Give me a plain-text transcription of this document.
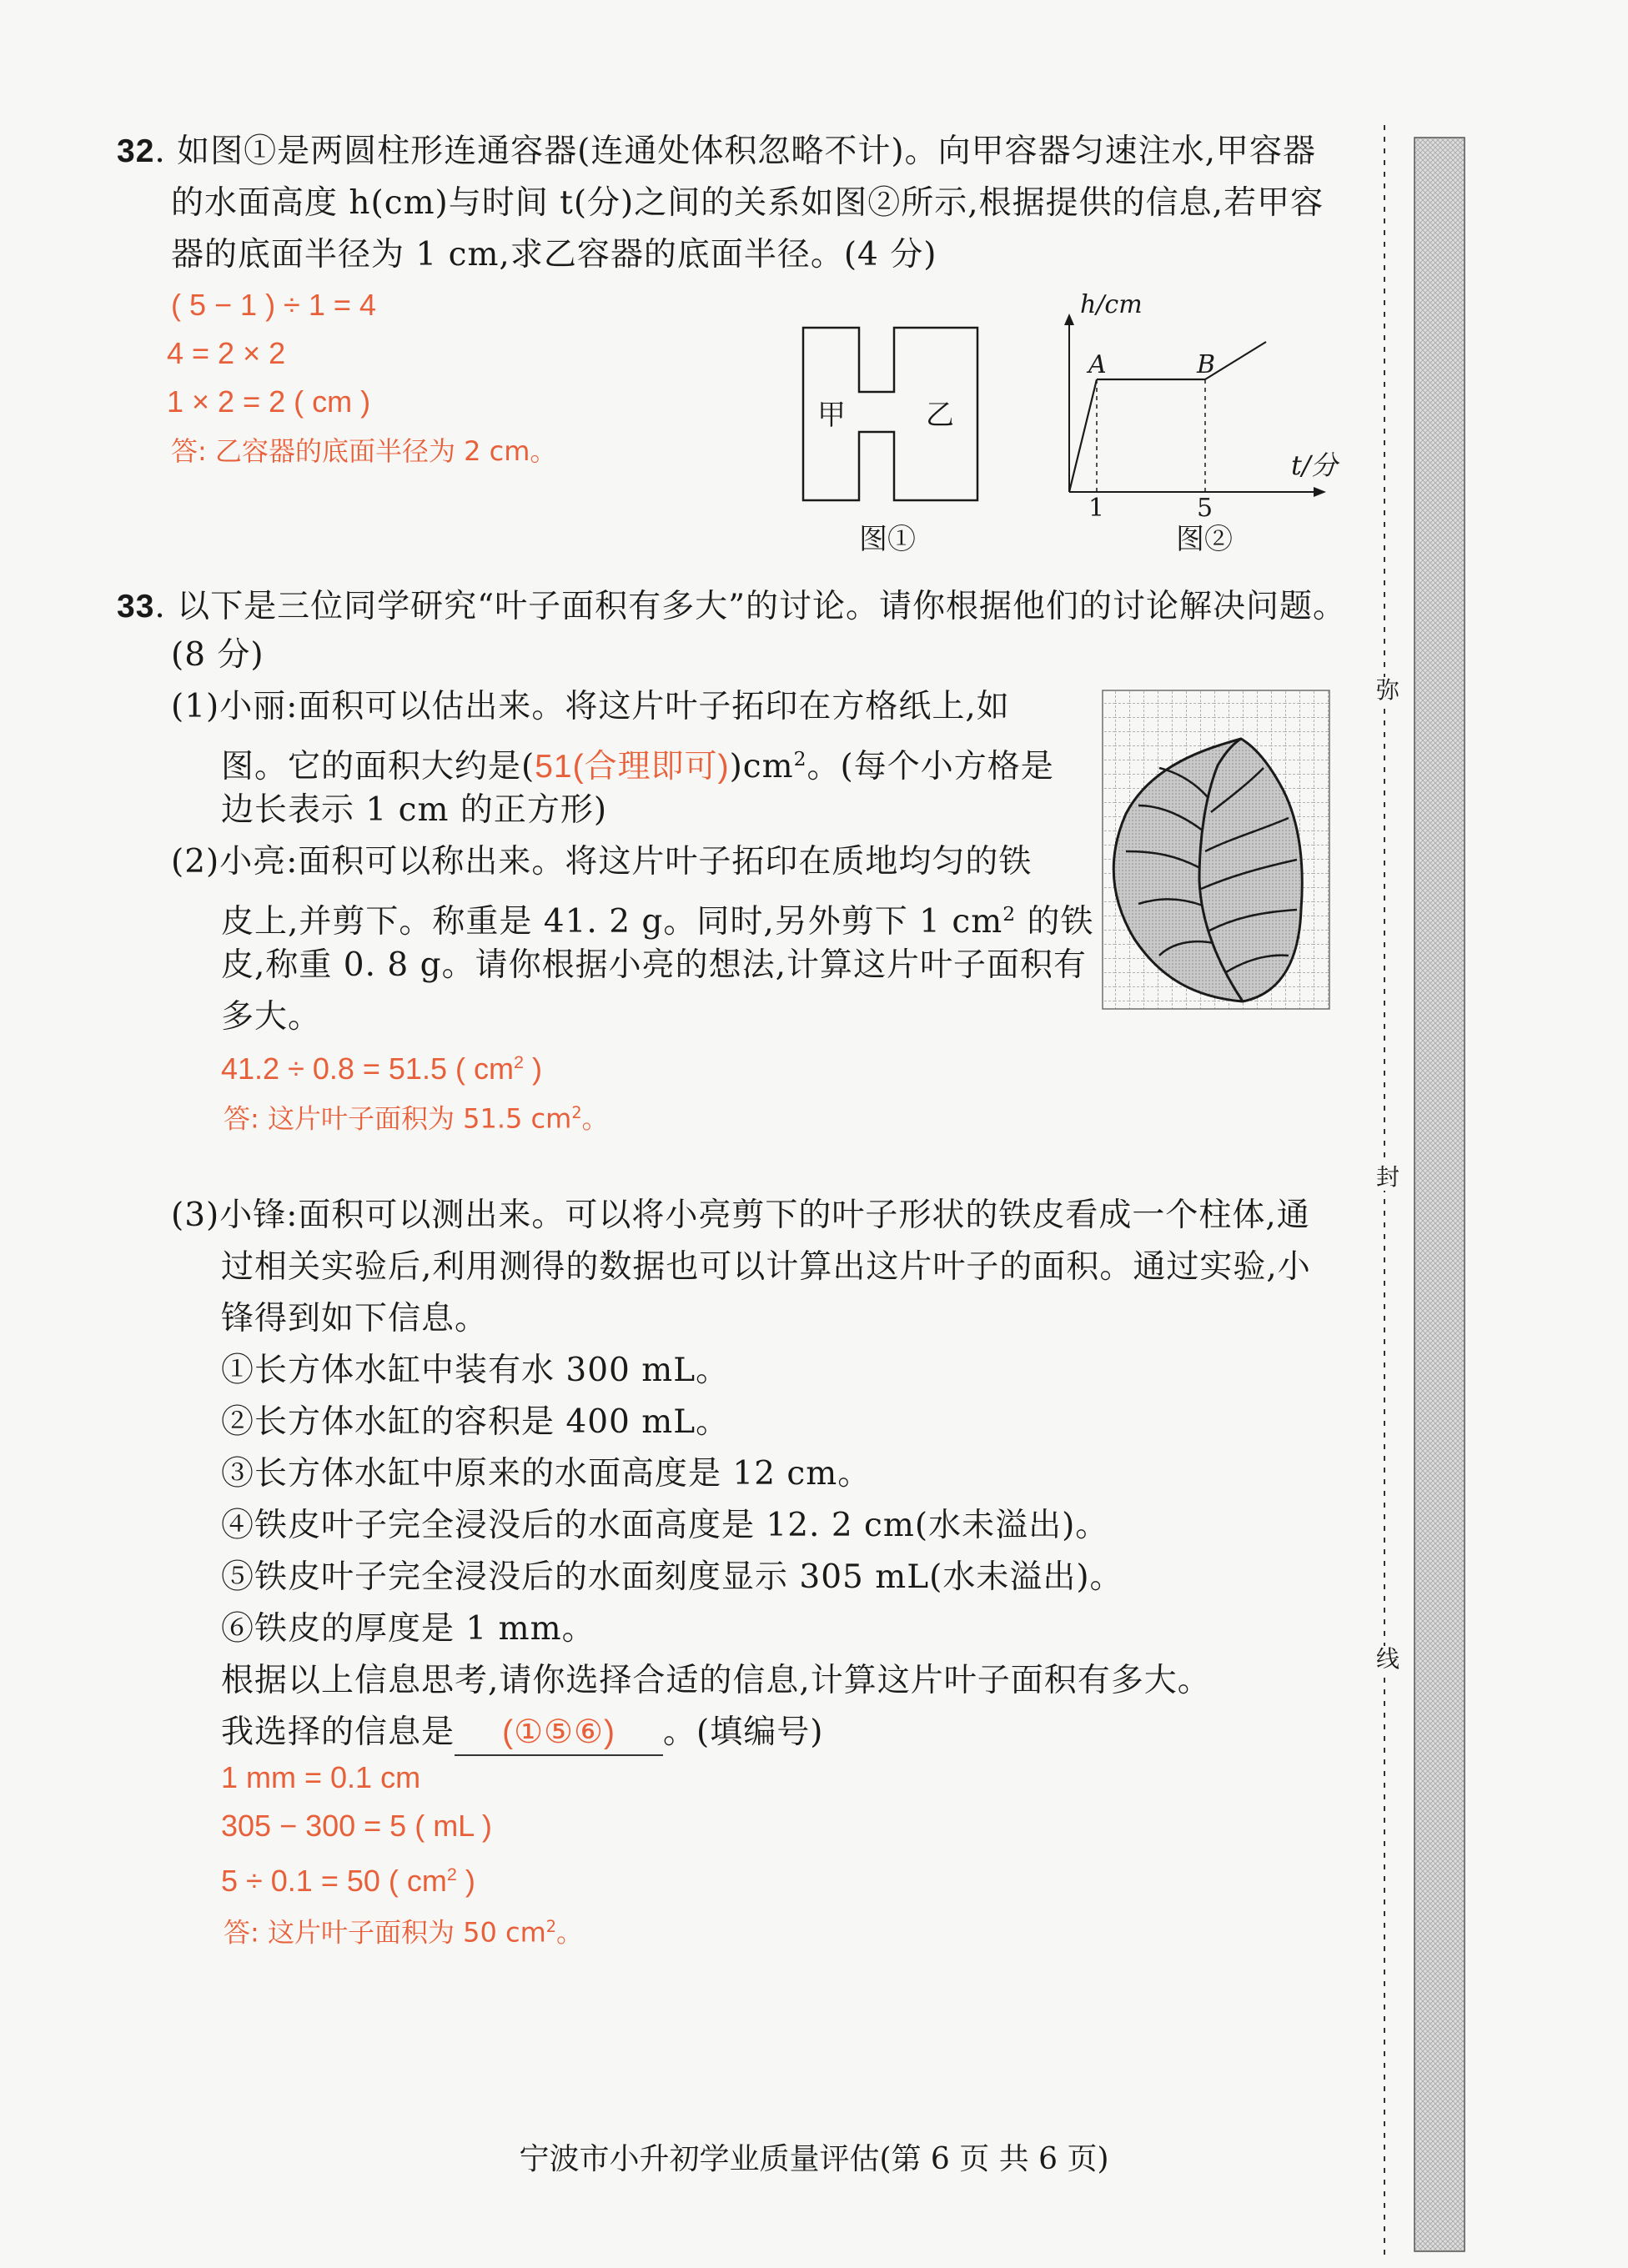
32. 如图①是两圆柱形连通容器(连通处体积忽略不计)。向甲容器匀速注水,甲容器
的水面高度 h(cm)与时间 t(分)之间的关系如图②所示,根据提供的信息,若甲容
器的底面半径为 1 cm,求乙容器的底面半径。(4 分)
( 5 − 1 ) ÷ 1 = 4
4 = 2 × 2
1 × 2 = 2 ( cm )
答: 乙容器的底面半径为 2 cm。
甲	乙
图①
h/cm
A	B
t/分
1	5
图②
33. 以下是三位同学研究“叶子面积有多大”的讨论。请你根据他们的讨论解决问题。
(8 分)
(1)小丽:面积可以估出来。将这片叶子拓印在方格纸上,如
图。它的面积大约是(51(合理即可))$cm^2$。(每个小方格是
边长表示 1 cm 的正方形)
(2)小亮:面积可以称出来。将这片叶子拓印在质地均匀的铁
皮上,并剪下。称重是 41. 2 g。同时,另外剪下 1 $cm^2$ 的铁
皮,称重 0. 8 g。请你根据小亮的想法,计算这片叶子面积有
多大。
41.2 ÷ 0.8 = 51.5 ( $cm^2$ )
答: 这片叶子面积为 51.5 $cm^2$。
(3)小锋:面积可以测出来。可以将小亮剪下的叶子形状的铁皮看成一个柱体,通
过相关实验后,利用测得的数据也可以计算出这片叶子的面积。通过实验,小
锋得到如下信息。
①长方体水缸中装有水 300 mL。
②长方体水缸的容积是 400 mL。
③长方体水缸中原来的水面高度是 12 cm。
④铁皮叶子完全浸没后的水面高度是 12. 2 cm(水未溢出)。
⑤铁皮叶子完全浸没后的水面刻度显示 305 mL(水未溢出)。
⑥铁皮的厚度是 1 mm。
根据以上信息思考,请你选择合适的信息,计算这片叶子面积有多大。
我选择的信息是 (①⑤⑥) 。(填编号)
1 mm = 0.1 cm
305 − 300 = 5 ( mL )
5 ÷ 0.1 = 50 ( $cm^2$ )
答: 这片叶子面积为 50 $cm^2$。
弥
封
线
宁波市小升初学业质量评估(第 6 页 共 6 页)
